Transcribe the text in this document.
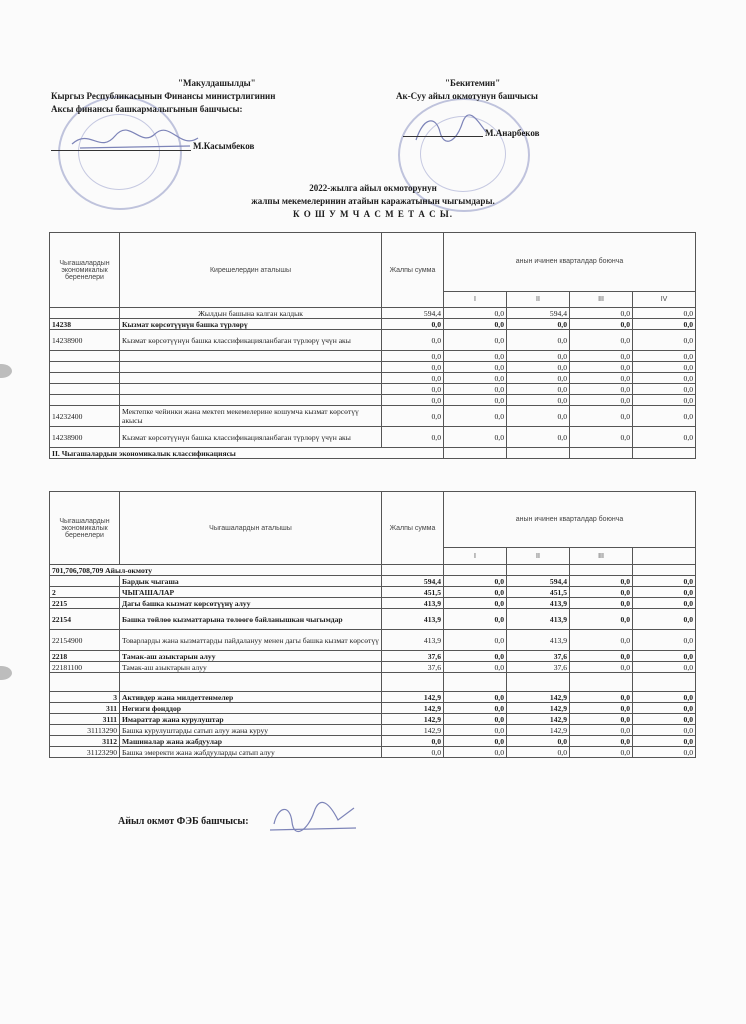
"Макулдашылды"
Кыргыз Республикасынын Финансы министрлигинин
Аксы финансы башкармалыгынын башчысы:
М.Касымбеков
"Бекитемин"
Ак-Суу айыл окмотунун башчысы
М.Анарбеков
2022-жылга айыл окмоторунун
жалпы мекемелеринин атайын каражатынын чыгымдары.
К О Ш У М Ч А С М Е Т А С Ы.
Чыгашалардын экономикалык беренелери	Кирешелердин аталышы	Жалпы сумма	анын ичинен кварталдар боюнча			
			I	II	III	IV
	Жылдын башына калган калдык	594,4	0,0	594,4	0,0	0,0
14238	Кызмат көрсөтүүнүн башка түрлөрү	0,0	0,0	0,0	0,0	0,0
14238900	Кызмат көрсөтүүнүн башка классификацияланбаган түрлөрү үчүн акы	0,0	0,0	0,0	0,0	0,0
		0,0	0,0	0,0	0,0	0,0
		0,0	0,0	0,0	0,0	0,0
		0,0	0,0	0,0	0,0	0,0
		0,0	0,0	0,0	0,0	0,0
		0,0	0,0	0,0	0,0	0,0
14232400	Мектепке чейинки жана мектеп мекемелерине кошумча кызмат көрсөтүү акысы	0,0	0,0	0,0	0,0	0,0
14238900	Кызмат көрсөтүүнүн башка классификацияланбаган түрлөрү үчүн акы	0,0	0,0	0,0	0,0	0,0
II. Чыгашалардын экономикалык классификациясы						
Чыгашалардын экономикалык беренелери	Чыгашалардын аталышы	Жалпы сумма	анын ичинен кварталдар боюнча			
			I	II	III	
701,706,708,709 Айыл-окмоту						
	Бардык чыгаша	594,4	0,0	594,4	0,0	0,0
2	ЧЫГАШАЛАР	451,5	0,0	451,5	0,0	0,0
2215	Дагы башка кызмат көрсөтүүнү алуу	413,9	0,0	413,9	0,0	0,0
22154	Башка төйлөө кызматтарына төлөөгө байланышкан чыгымдар	413,9	0,0	413,9	0,0	0,0
22154900	Товарларды жана кызматтарды пайдалануу менен дагы башка кызмат көрсөтүү	413,9	0,0	413,9	0,0	0,0
2218	Тамак-аш азыктарын алуу	37,6	0,0	37,6	0,0	0,0
22181100	Тамак-аш азыктарын алуу	37,6	0,0	37,6	0,0	0,0

3	Активдер жана милдеттенмелер	142,9	0,0	142,9	0,0	0,0
311	Негизги фонддор	142,9	0,0	142,9	0,0	0,0
3111	Имараттар жана курулуштар	142,9	0,0	142,9	0,0	0,0
31113290	Башка курулуштарды сатып алуу жана куруу	142,9	0,0	142,9	0,0	0,0
3112	Машиналар жана жабдуулар	0,0	0,0	0,0	0,0	0,0
31123290	Башка эмеректи жана жабдууларды сатып алуу	0,0	0,0	0,0	0,0	0,0
Айыл окмот ФЭБ башчысы:
